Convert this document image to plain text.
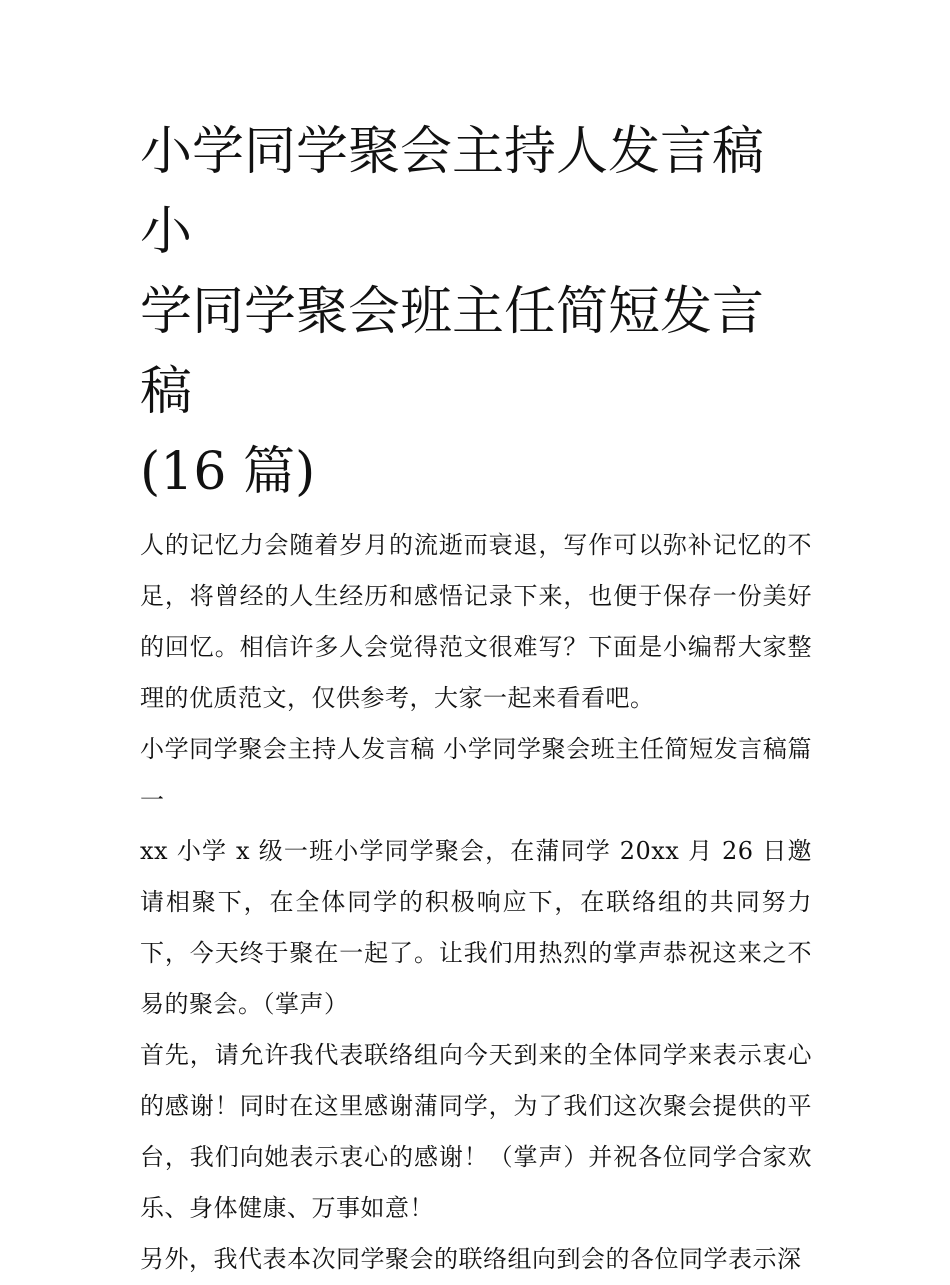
小学同学聚会主持人发言稿 小

学同学聚会班主任简短发言稿

(16 篇)

人的记忆力会随着岁月的流逝而衰退，写作可以弥补记忆的不足，将曾经的人生经历和感悟记录下来，也便于保存一份美好的回忆。相信许多人会觉得范文很难写？下面是小编帮大家整理的优质范文，仅供参考，大家一起来看看吧。

小学同学聚会主持人发言稿 小学同学聚会班主任简短发言稿篇一

xx 小学 x 级一班小学同学聚会，在蒲同学 20xx 月 26 日邀请相聚下，在全体同学的积极响应下，在联络组的共同努力下，今天终于聚在一起了。让我们用热烈的掌声恭祝这来之不易的聚会。（掌声）

首先，请允许我代表联络组向今天到来的全体同学来表示衷心的感谢！同时在这里感谢蒲同学，为了我们这次聚会提供的平台，我们向她表示衷心的感谢！（掌声）并祝各位同学合家欢乐、身体健康、万事如意！

另外，我代表本次同学聚会的联络组向到会的各位同学表示深
